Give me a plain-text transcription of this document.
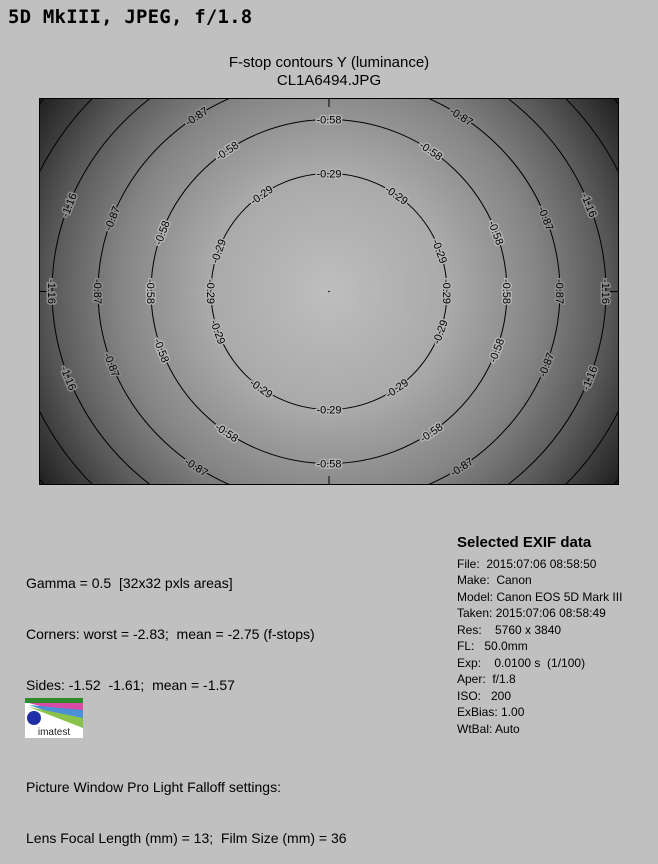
5D MkIII, JPEG, f/1.8
F-stop contours Y (luminance)
CL1A6494.JPG
-0.29
-0.29
-0.29
-0.29
-0.29
-0.29
-0.29
-0.29
-0.29
-0.29
-0.29
-0.29
-0.58
-0.58
-0.58
-0.58
-0.58
-0.58
-0.58
-0.58
-0.58
-0.58
-0.58
-0.58
-0.87
-0.87
-0.87
-0.87
-0.87
-0.87
-0.87
-0.87
-0.87
-0.87
-1.16
-1.16
-1.16
-1.16
-1.16
-1.16

Gamma = 0.5  [32x32 pxls areas]

Corners: worst = -2.83;  mean = -2.75 (f-stops)

Sides: -1.52  -1.61;  mean = -1.57

Picture Window Pro Light Falloff settings:

Lens Focal Length (mm) = 13;  Film Size (mm) = 36

Selected EXIF data
File:  2015:07:06 08:58:50
Make:  Canon
Model: Canon EOS 5D Mark III
Taken: 2015:07:06 08:58:49
Res:    5760 x 3840
FL:   50.0mm
Exp:    0.0100 s  (1/100)
Aper:  f/1.8
ISO:   200
ExBias: 1.00
WtBal: Auto
imatest
